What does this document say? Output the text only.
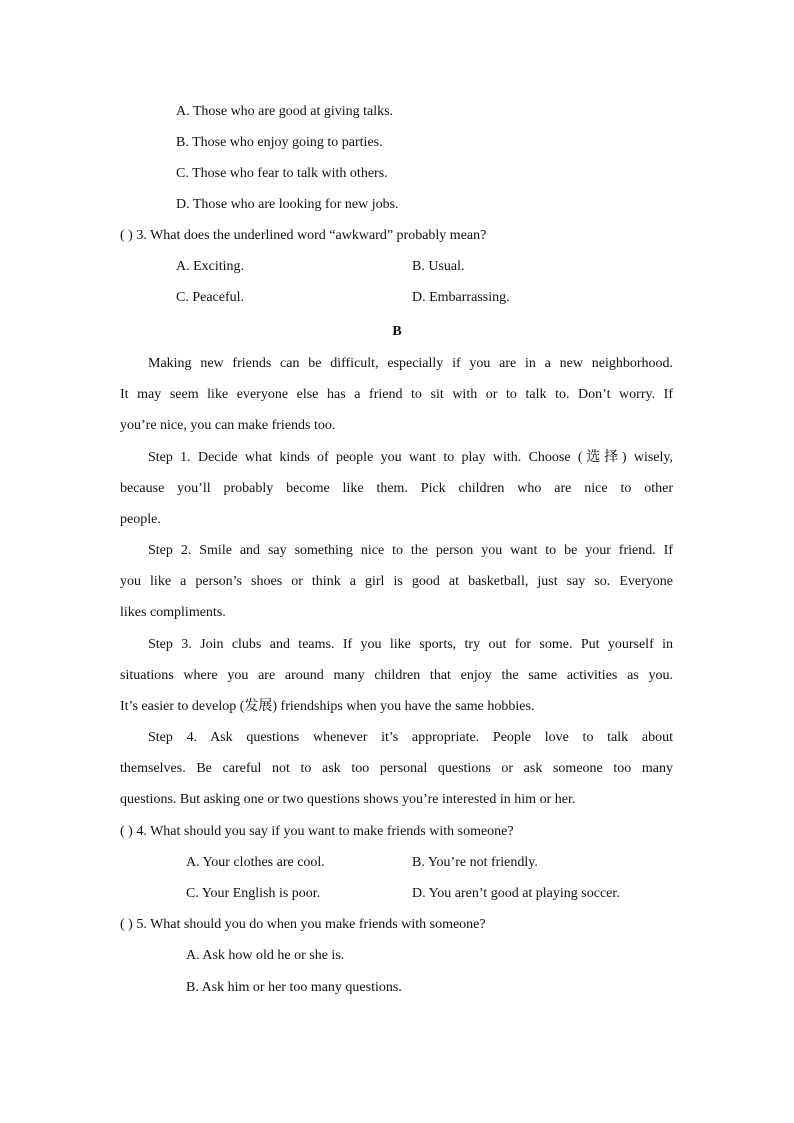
A. Those who are good at giving talks.
B. Those who enjoy going to parties.
C. Those who fear to talk with others.
D. Those who are looking for new jobs.
( ) 3. What does the underlined word “awkward” probably mean?
A. Exciting.	B. Usual.
C. Peaceful.	D. Embarrassing.
B
Making new friends can be difficult, especially if you are in a new neighborhood.
It may seem like everyone else has a friend to sit with or to talk to. Don’t worry. If
you’re nice, you can make friends too.
Step 1. Decide what kinds of people you want to play with. Choose (选择) wisely,
because you’ll probably become like them. Pick children who are nice to other
people.
Step 2. Smile and say something nice to the person you want to be your friend. If
you like a person’s shoes or think a girl is good at basketball, just say so. Everyone
likes compliments.
Step 3. Join clubs and teams. If you like sports, try out for some. Put yourself in
situations where you are around many children that enjoy the same activities as you.
It’s easier to develop (发展) friendships when you have the same hobbies.
Step 4. Ask questions whenever it’s appropriate. People love to talk about
themselves. Be careful not to ask too personal questions or ask someone too many
questions. But asking one or two questions shows you’re interested in him or her.
( ) 4. What should you say if you want to make friends with someone?
A. Your clothes are cool.	B. You’re not friendly.
C. Your English is poor.	D. You aren’t good at playing soccer.
( ) 5. What should you do when you make friends with someone?
A. Ask how old he or she is.
B. Ask him or her too many questions.
